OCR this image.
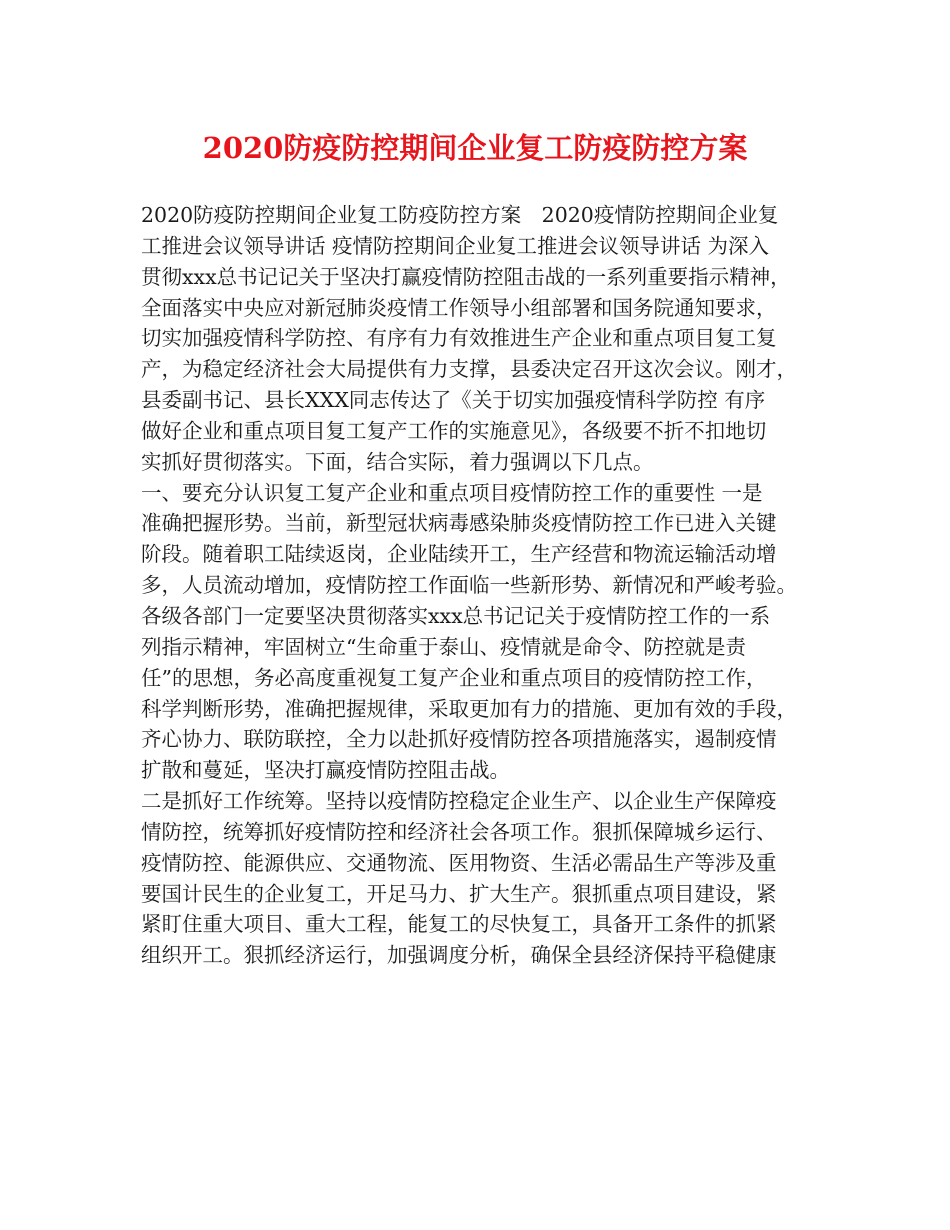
2020防疫防控期间企业复工防疫防控方案
2020防疫防控期间企业复工防疫防控方案　2020疫情防控期间企业复
工推进会议领导讲话 疫情防控期间企业复工推进会议领导讲话 为深入
贯彻xxx总书记记关于坚决打赢疫情防控阻击战的一系列重要指示精神，
全面落实中央应对新冠肺炎疫情工作领导小组部署和国务院通知要求，
切实加强疫情科学防控、有序有力有效推进生产企业和重点项目复工复
产，为稳定经济社会大局提供有力支撑，县委决定召开这次会议。刚才，
县委副书记、县长XXX同志传达了《关于切实加强疫情科学防控 有序
做好企业和重点项目复工复产工作的实施意见》，各级要不折不扣地切
实抓好贯彻落实。下面，结合实际，着力强调以下几点。
一、要充分认识复工复产企业和重点项目疫情防控工作的重要性 一是
准确把握形势。当前，新型冠状病毒感染肺炎疫情防控工作已进入关键
阶段。随着职工陆续返岗，企业陆续开工，生产经营和物流运输活动增
多，人员流动增加，疫情防控工作面临一些新形势、新情况和严峻考验。
各级各部门一定要坚决贯彻落实xxx总书记记关于疫情防控工作的一系
列指示精神，牢固树立“生命重于泰山、疫情就是命令、防控就是责
任”的思想，务必高度重视复工复产企业和重点项目的疫情防控工作，
科学判断形势，准确把握规律，采取更加有力的措施、更加有效的手段，
齐心协力、联防联控，全力以赴抓好疫情防控各项措施落实，遏制疫情
扩散和蔓延，坚决打赢疫情防控阻击战。
二是抓好工作统筹。坚持以疫情防控稳定企业生产、以企业生产保障疫
情防控，统筹抓好疫情防控和经济社会各项工作。狠抓保障城乡运行、
疫情防控、能源供应、交通物流、医用物资、生活必需品生产等涉及重
要国计民生的企业复工，开足马力、扩大生产。狠抓重点项目建设，紧
紧盯住重大项目、重大工程，能复工的尽快复工，具备开工条件的抓紧
组织开工。狠抓经济运行，加强调度分析，确保全县经济保持平稳健康
